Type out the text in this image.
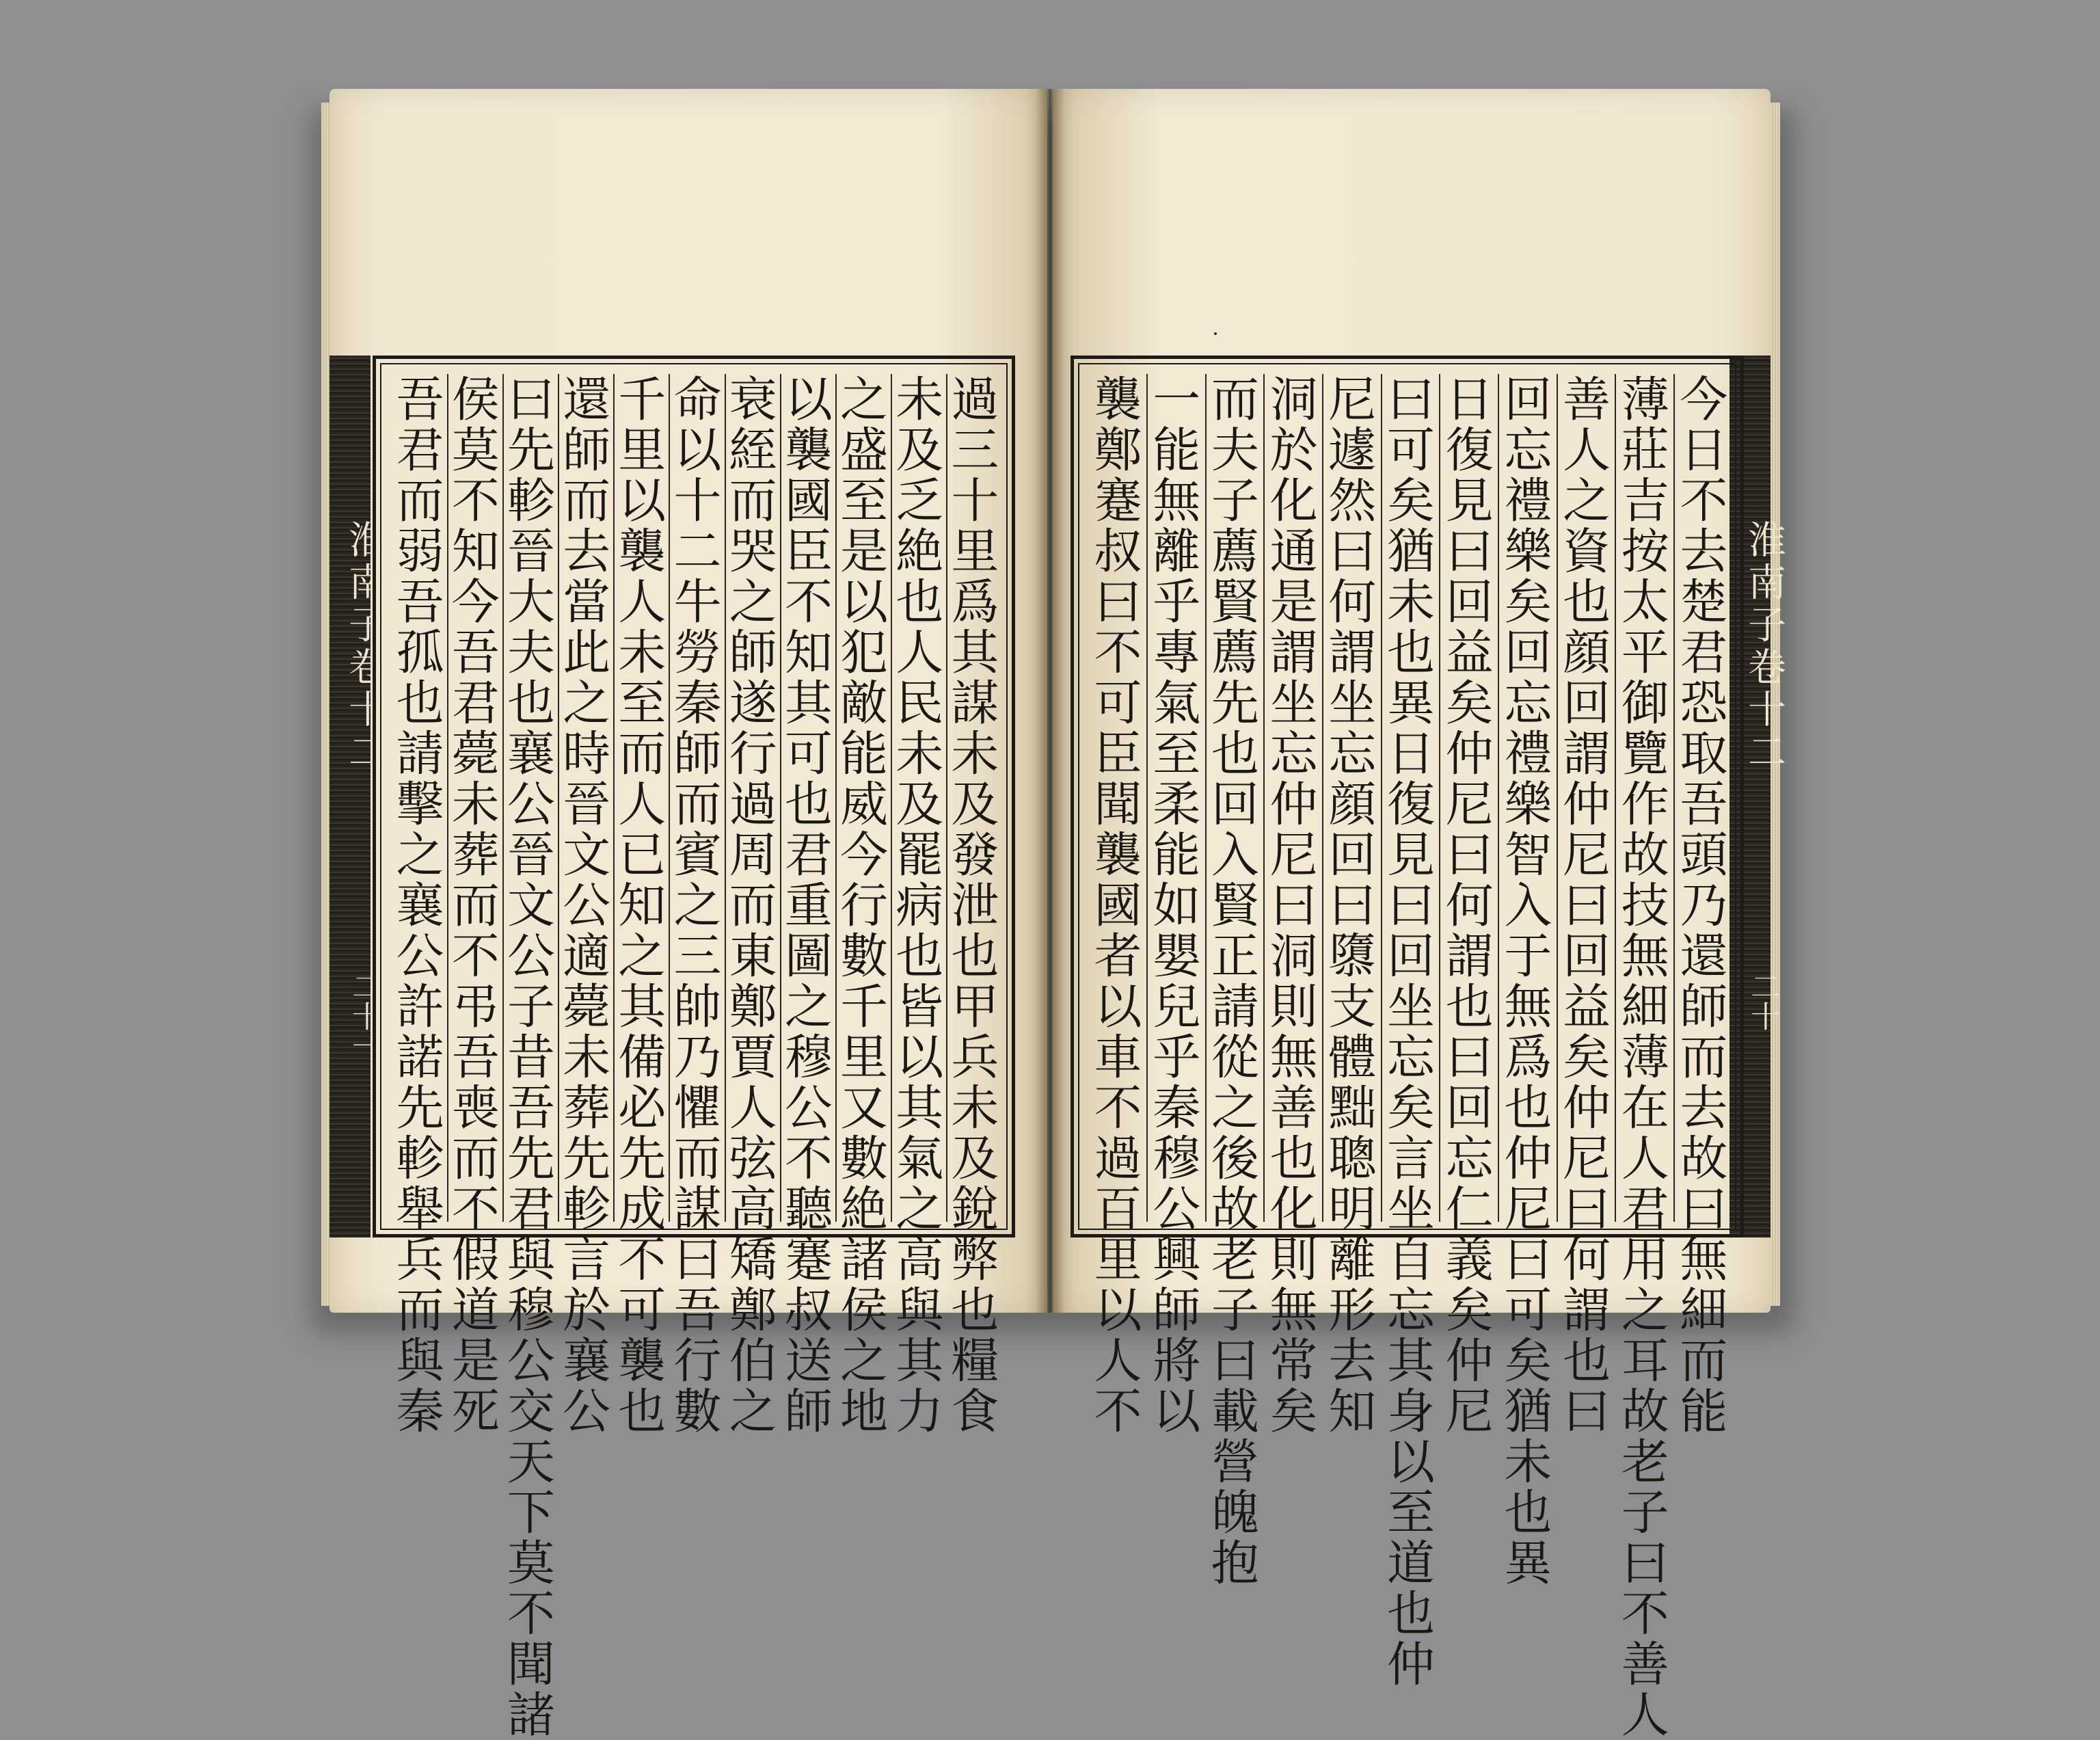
淮南子卷十二
二十一
淮南子卷十二
二十
過三十里爲其謀未及發泄也甲兵未及銳弊也糧食
未及乏絶也人民未及罷病也皆以其氣之高與其力
之盛至是以犯敵能威今行數千里又數絶諸侯之地
以襲國臣不知其可也君重圖之穆公不聽蹇叔送師
衰絰而哭之師遂行過周而東鄭賈人弦高矯鄭伯之
命以十二牛勞秦師而賓之三帥乃懼而謀曰吾行數
千里以襲人未至而人已知之其備必先成不可襲也
還師而去當此之時晉文公適薨未葬先軫言於襄公
曰先軫晉大夫也襄公晉文公子昔吾先君與穆公交天下莫不聞諸
侯莫不知今吾君薨未葬而不弔吾喪而不假道是死
吾君而弱吾孤也請擊之襄公許諾先軫舉兵而與秦	今日不去楚君恐取吾頭乃還師而去故曰無細而能
薄莊吉按太平御覽作故技無細薄在人君用之耳故老子曰不善人
善人之資也顔回謂仲尼曰回益矣仲尼曰何謂也曰
回忘禮樂矣回忘禮樂智入于無爲也仲尼曰可矣猶未也異
日復見曰回益矣仲尼曰何謂也曰回忘仁義矣仲尼
曰可矣猶未也異日復見曰回坐忘矣言坐自忘其身以至道也仲
尼遽然曰何謂坐忘顔回曰隳支體黜聰明離形去知
洞於化通是謂坐忘仲尼曰洞則無善也化則無常矣
而夫子薦賢薦先也回入賢正請從之後故老子曰載營魄抱
一能無離乎專氣至柔能如嬰兒乎秦穆公興師將以
襲鄭蹇叔曰不可臣聞襲國者以車不過百里以人不
